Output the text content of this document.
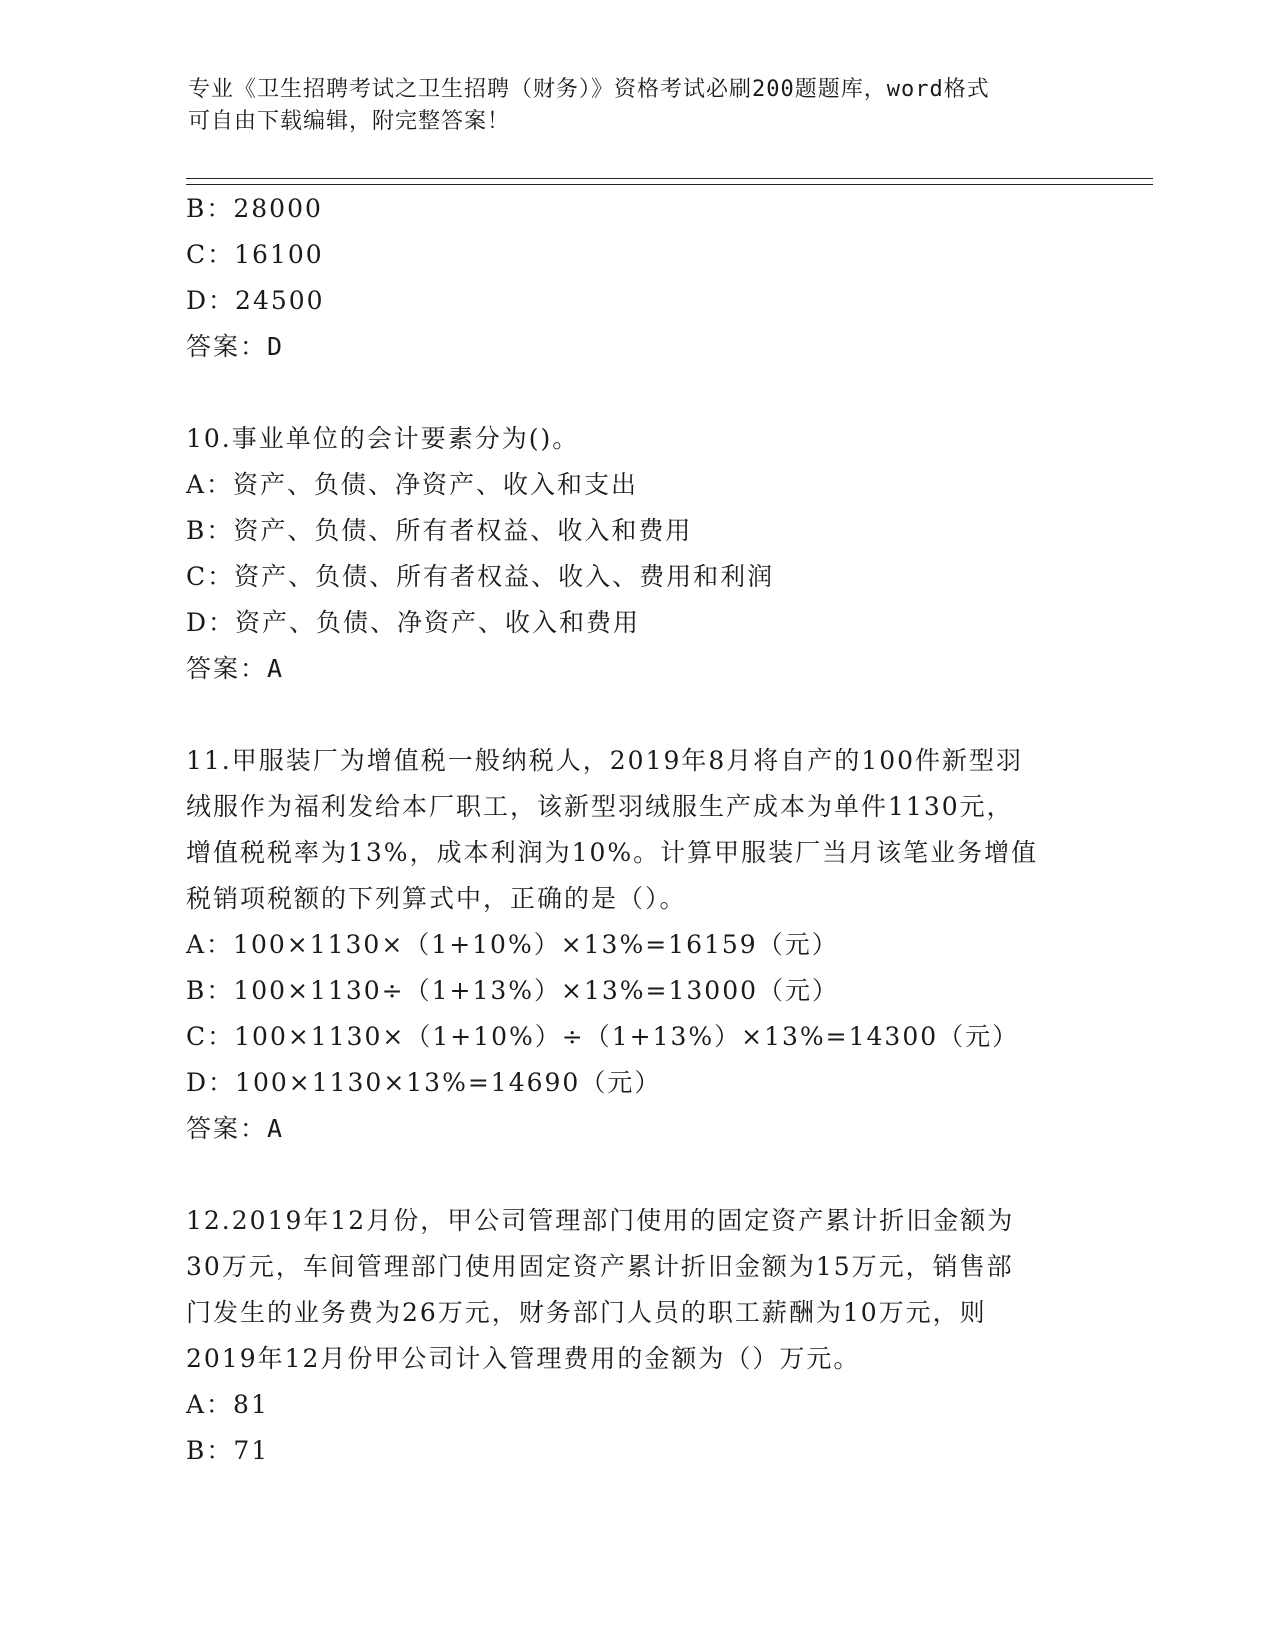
专业《卫生招聘考试之卫生招聘（财务）》资格考试必刷200题题库，word格式
可自由下载编辑，附完整答案！
B：28000
C：16100
D：24500
答案：D
10.事业单位的会计要素分为()。
A：资产、负债、净资产、收入和支出
B：资产、负债、所有者权益、收入和费用
C：资产、负债、所有者权益、收入、费用和利润
D：资产、负债、净资产、收入和费用
答案：A
11.甲服装厂为增值税一般纳税人，2019年8月将自产的100件新型羽
绒服作为福利发给本厂职工，该新型羽绒服生产成本为单件1130元，
增值税税率为13%，成本利润为10%。计算甲服装厂当月该笔业务增值
税销项税额的下列算式中，正确的是（）。
A：100×1130×（1+10%）×13%=16159（元）
B：100×1130÷（1+13%）×13%=13000（元）
C：100×1130×（1+10%）÷（1+13%）×13%=14300（元）
D：100×1130×13%=14690（元）
答案：A
12.2019年12月份，甲公司管理部门使用的固定资产累计折旧金额为
30万元，车间管理部门使用固定资产累计折旧金额为15万元，销售部
门发生的业务费为26万元，财务部门人员的职工薪酬为10万元，则
2019年12月份甲公司计入管理费用的金额为（）万元。
A：81
B：71
